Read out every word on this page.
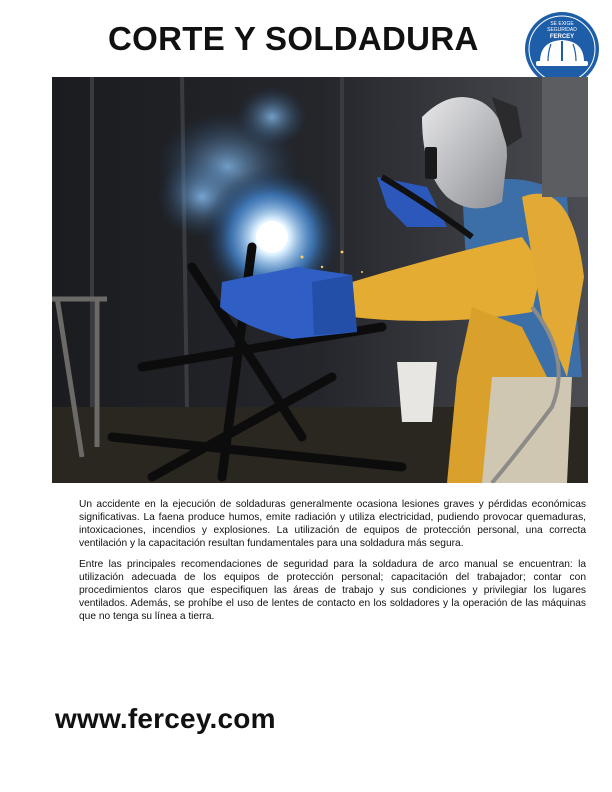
CORTE Y SOLDADURA	SE EXIGE
SEGURIDAD
FERCEY

Un accidente en la ejecución de soldaduras generalmente ocasiona lesiones graves y pérdidas económicas significativas. La faena produce humos, emite radiación y utiliza electricidad, pudiendo provocar quemaduras, intoxicaciones, incendios y explosiones. La utilización de equipos de protección personal, una correcta ventilación y la capacitación resultan fundamentales para una soldadura más segura.

Entre las principales recomendaciones de seguridad para la soldadura de arco manual se encuentran: la utilización adecuada de los equipos de protección personal; capacitación del trabajador; contar con procedimientos claros que especifiquen las áreas de trabajo y sus condiciones y privilegiar los lugares ventilados. Además, se prohíbe el uso de lentes de contacto en los soldadores y la operación de las máquinas que no tenga su línea a tierra.

www.fercey.com
